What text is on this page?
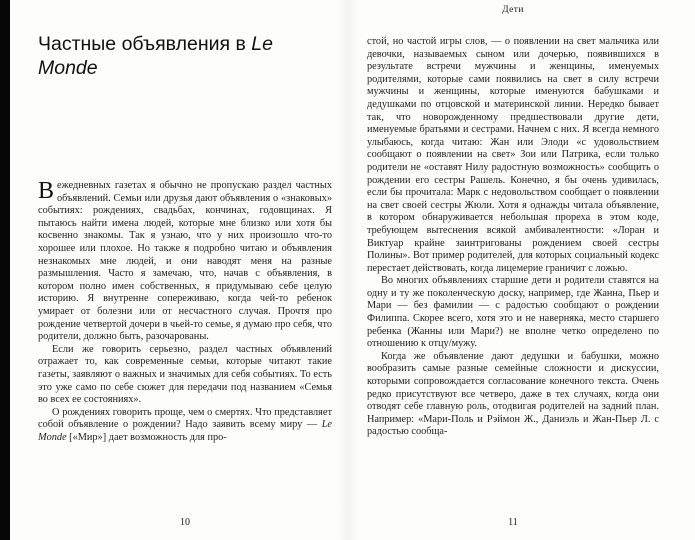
Частные объявления в Le Monde

Вежедневных газетах я обычно не пропускаю раздел частных объявлений. Семьи или друзья дают объявления о «знаковых» событиях: рождениях, свадьбах, кончинах, годовщинах. Я пытаюсь найти имена людей, которые мне близко или хотя бы косвенно знакомы. Так я узнаю, что у них произошло что-то хорошее или плохое. Но также я подробно читаю и объявления незнакомых мне людей, и они наводят меня на разные размышления. Часто я замечаю, что, начав с объявления, в котором полно имен собственных, я придумываю себе целую историю. Я внутренне сопереживаю, когда чей-то ребенок умирает от болезни или от несчастного случая. Прочтя про рождение четвертой дочери в чьей-то семье, я думаю про себя, что родители, должно быть, разочарованы.

Если же говорить серьезно, раздел частных объявлений отражает то, как современные семьи, которые читают такие газеты, заявляют о важных и значимых для себя событиях. То есть это уже само по себе сюжет для передачи под названием «Семья во всех ее состояниях».

О рождениях говорить проще, чем о смертях. Что представляет собой объявление о рождении? Надо заявить всему миру — Le Monde [«Мир»] дает возможность для про-

10
Дети

стой, но частой игры слов, — о появлении на свет мальчика или девочки, называемых сыном или дочерью, появившихся в результате встречи мужчины и женщины, именуемых родителями, которые сами появились на свет в силу встречи мужчины и женщины, которые именуются бабушками и дедушками по отцовской и материнской линии. Нередко бывает так, что новорожденному предшествовали другие дети, именуемые братьями и сестрами. Начнем с них. Я всегда немного улыбаюсь, когда читаю: Жан или Элоди «с удовольствием сообщают о появлении на свет» Зои или Патрика, если только родители не «оставят Нилу радостную возможность» сообщить о рождении его сестры Рашель. Конечно, я бы очень удивилась, если бы прочитала: Марк с недовольством сообщает о появлении на свет своей сестры Жюли. Хотя я однажды читала объявление, в котором обнаруживается небольшая прореха в этом коде, требующем вытеснения всякой амбивалентности: «Лоран и Виктуар крайне заинтригованы рождением своей сестры Полины». Вот пример родителей, для которых социальный кодекс перестает действовать, когда лицемерие граничит с ложью.

Во многих объявлениях старшие дети и родители ставятся на одну и ту же поколенческую доску, например, где Жанна, Пьер и Мари — без фамилии — с радостью сообщают о рождении Филиппа. Скорее всего, хотя это и не наверняка, место старшего ребенка (Жанны или Мари?) не вполне четко определено по отношению к отцу/мужу.

Когда же объявление дают дедушки и бабушки, можно вообразить самые разные семейные сложности и дискуссии, которыми сопровождается согласование конечного текста. Очень редко присутствуют все четверо, даже в тех случаях, когда они отводят себе главную роль, отодвигая родителей на задний план. Например: «Мари-Поль и Рэймон Ж., Даниэль и Жан-Пьер Л. с радостью сообща-

11
